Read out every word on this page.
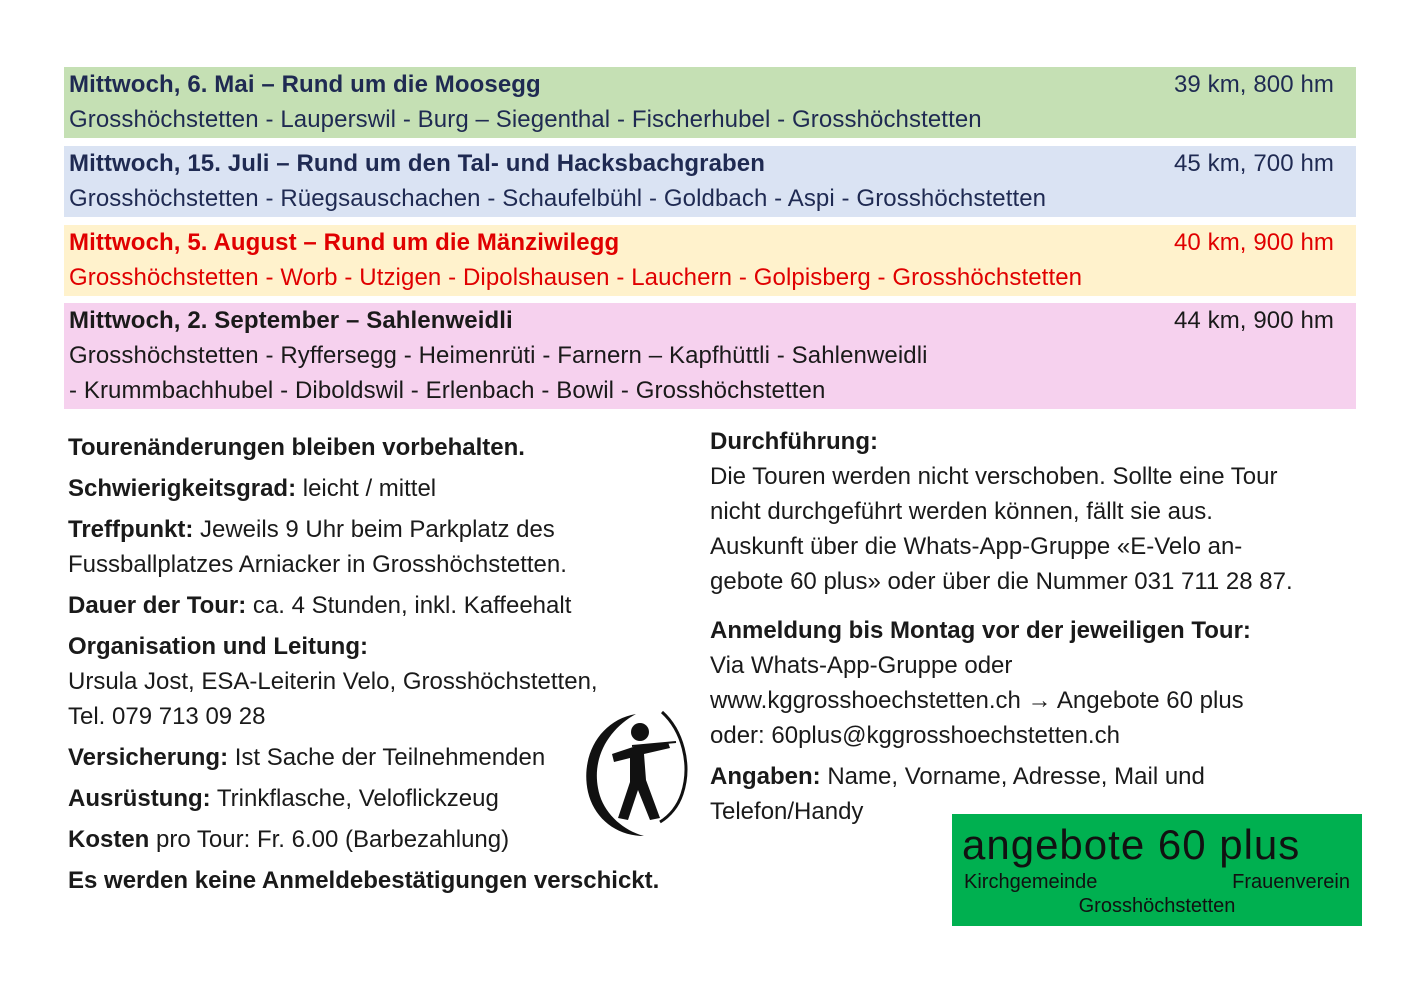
Mittwoch, 6. Mai – Rund um die Moosegg	39 km, 800 hm
Grosshöchstetten - Lauperswil - Burg – Siegenthal - Fischerhubel - Grosshöchstetten
Mittwoch, 15. Juli – Rund um den Tal- und Hacksbachgraben	45 km, 700 hm
Grosshöchstetten - Rüegsauschachen - Schaufelbühl - Goldbach - Aspi - Grosshöchstetten
Mittwoch, 5. August – Rund um die Mänziwilegg	40 km, 900 hm
Grosshöchstetten - Worb - Utzigen - Dipolshausen - Lauchern - Golpisberg - Grosshöchstetten
Mittwoch, 2. September – Sahlenweidli	44 km, 900 hm
Grosshöchstetten - Ryffersegg - Heimenrüti - Farnern – Kapfhüttli - Sahlenweidli
- Krummbachhubel - Diboldswil - Erlenbach - Bowil - Grosshöchstetten

Tourenänderungen bleiben vorbehalten.

Schwierigkeitsgrad: leicht / mittel

Treffpunkt: Jeweils 9 Uhr beim Parkplatz des

Fussballplatzes Arniacker in Grosshöchstetten.

Dauer der Tour: ca. 4 Stunden, inkl. Kaffeehalt

Organisation und Leitung:

Ursula Jost, ESA-Leiterin Velo, Grosshöchstetten,

Tel. 079 713 09 28

Versicherung: Ist Sache der Teilnehmenden

Ausrüstung: Trinkflasche, Veloflickzeug

Kosten pro Tour: Fr. 6.00 (Barbezahlung)

Es werden keine Anmeldebestätigungen verschickt.

Durchführung:

Die Touren werden nicht verschoben. Sollte eine Tour

nicht durchgeführt werden können, fällt sie aus.

Auskunft über die Whats-App-Gruppe «E-Velo an-

gebote 60 plus» oder über die Nummer 031 711 28 87.

Anmeldung bis Montag vor der jeweiligen Tour:

Via Whats-App-Gruppe oder

www.kggrosshoechstetten.ch → Angebote 60 plus

oder: 60plus@kggrosshoechstetten.ch

Angaben: Name, Vorname, Adresse, Mail und

Telefon/Handy

angebote 60 plus
Kirchgemeinde	Frauenverein
Grosshöchstetten
